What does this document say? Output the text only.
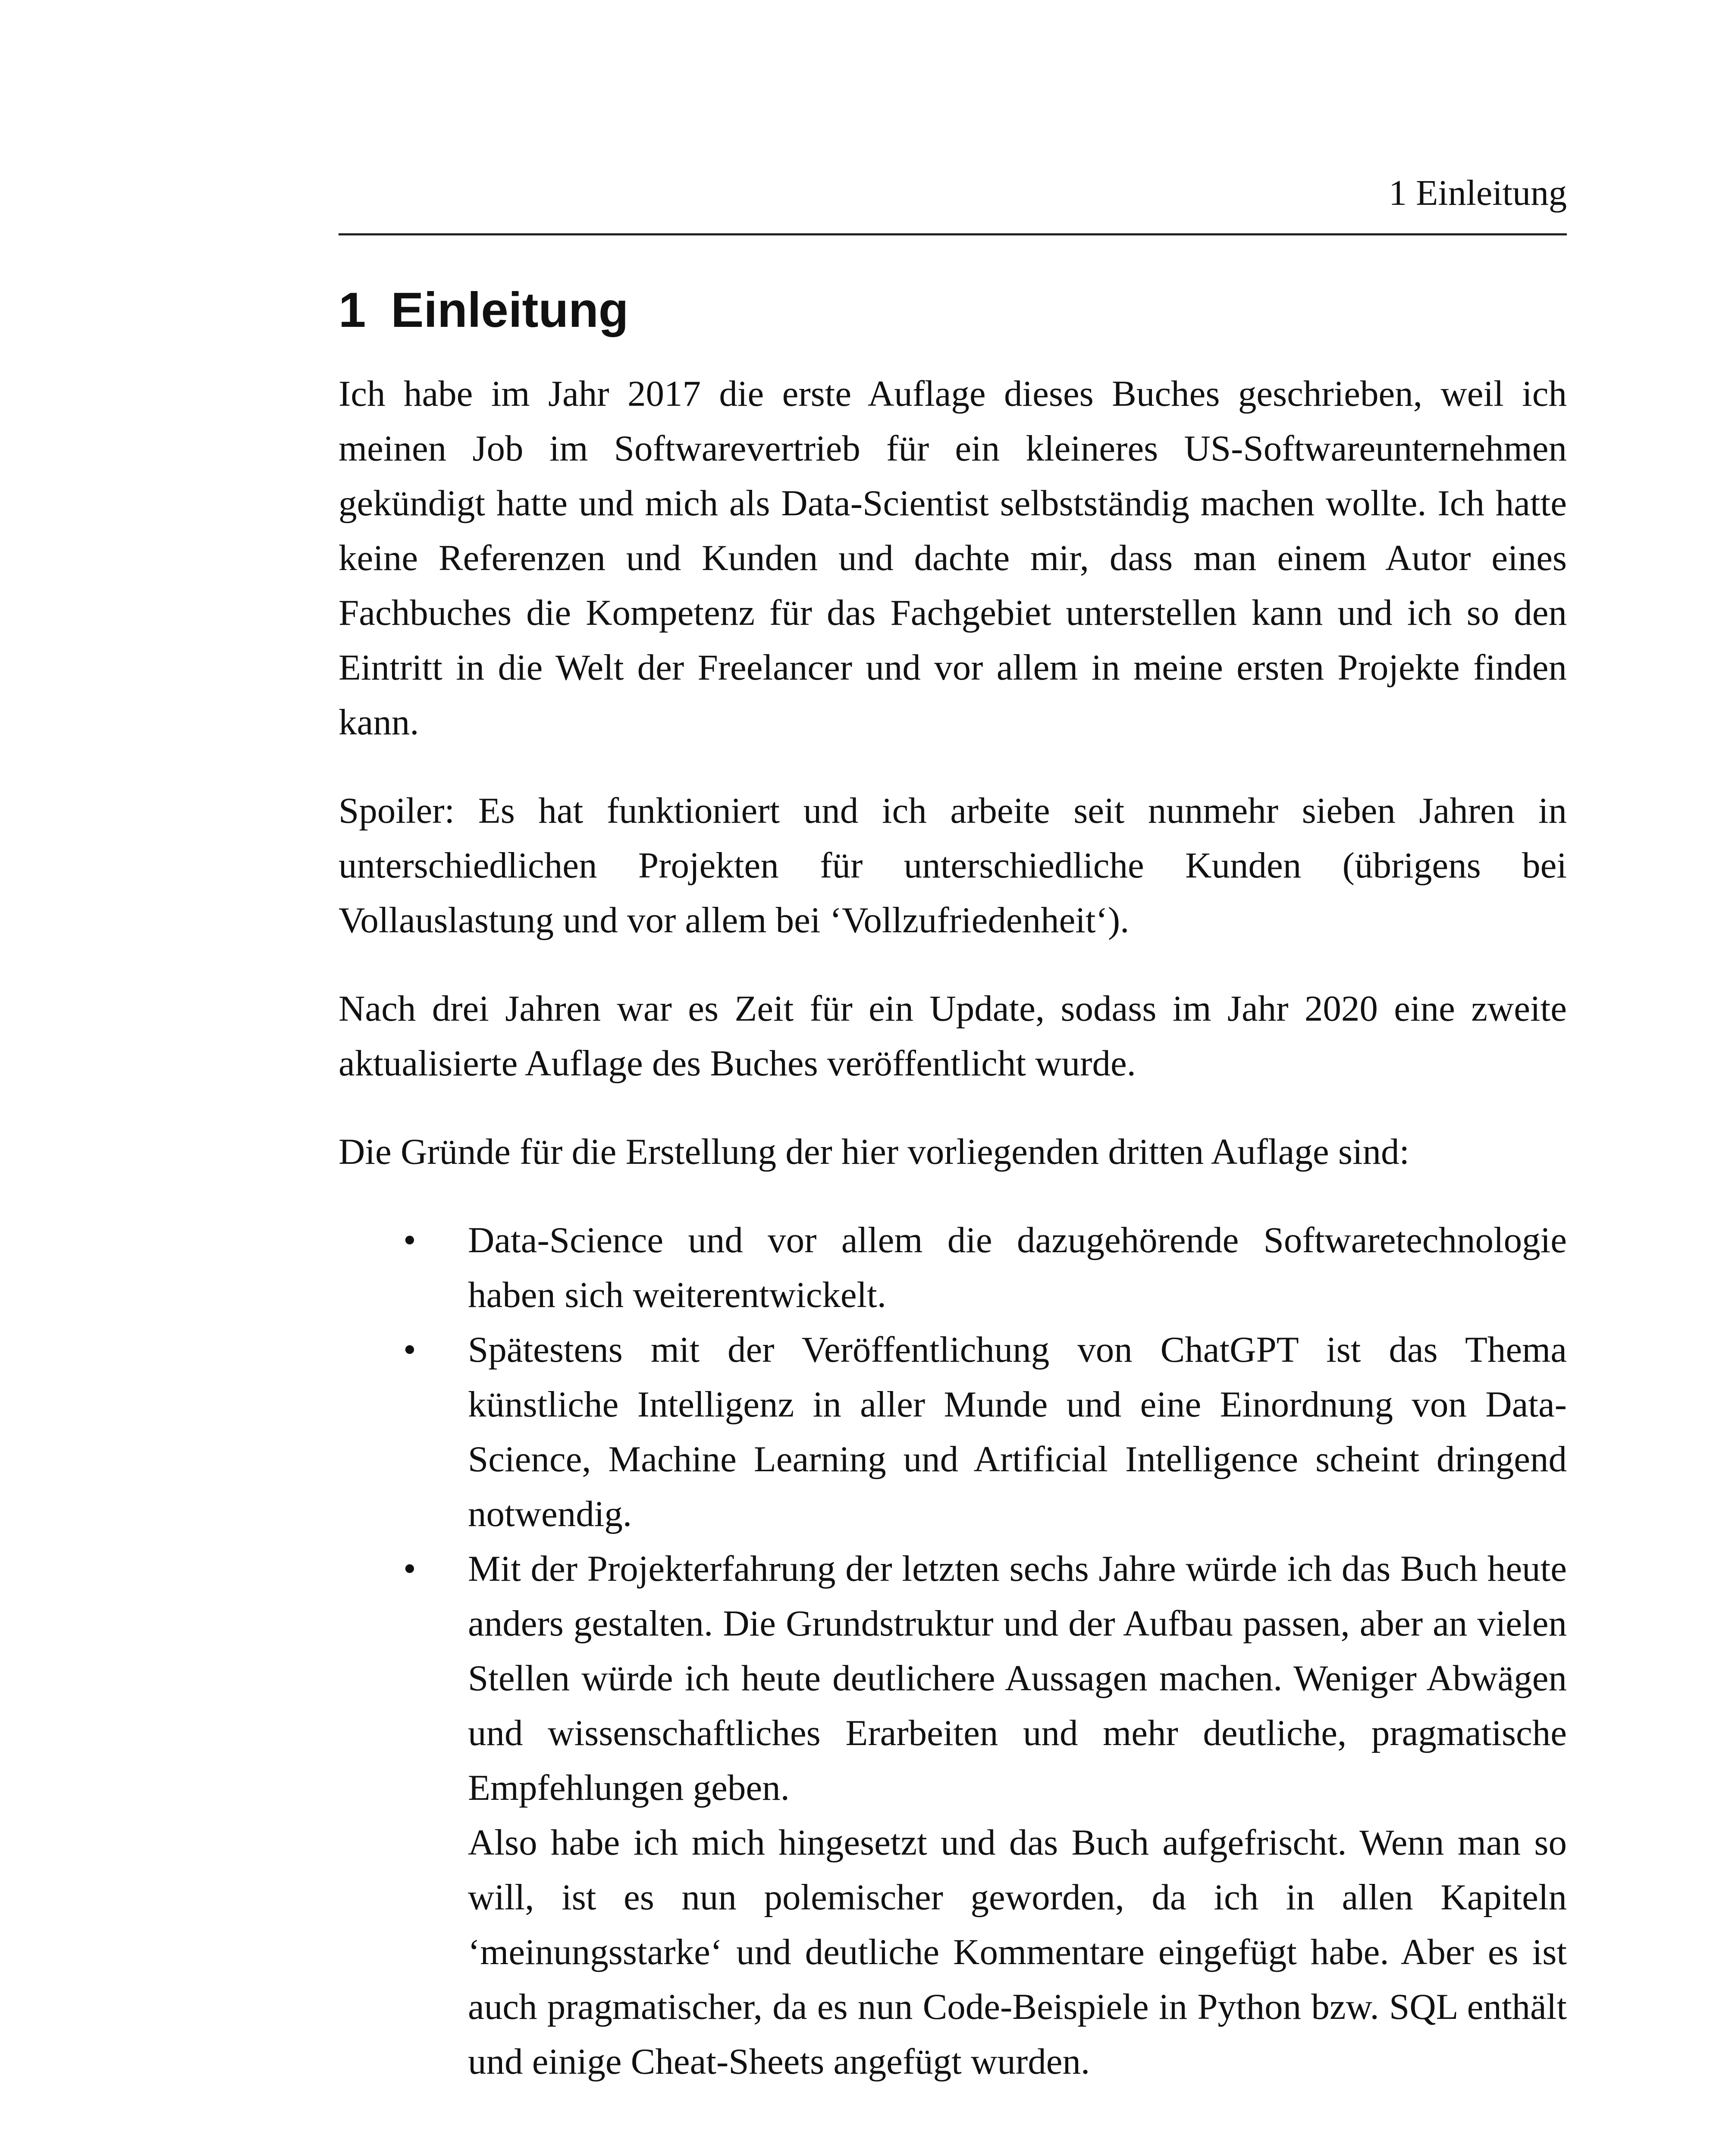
1 Einleitung
1 Einleitung

Ich habe im Jahr 2017 die erste Auflage dieses Buches geschrieben, weil ich meinen Job im Softwarevertrieb für ein kleineres US-Softwareunternehmen gekündigt hatte und mich als Data-Scientist selbstständig machen wollte. Ich hatte keine Referenzen und Kunden und dachte mir, dass man einem Autor eines Fachbuches die Kompetenz für das Fachgebiet unterstellen kann und ich so den Eintritt in die Welt der Freelancer und vor allem in meine ersten Projekte finden kann.

Spoiler: Es hat funktioniert und ich arbeite seit nunmehr sieben Jahren in unterschiedlichen Projekten für unterschiedliche Kunden (übrigens bei Vollauslastung und vor allem bei ‘Vollzufriedenheit‘).

Nach drei Jahren war es Zeit für ein Update, sodass im Jahr 2020 eine zweite aktualisierte Auflage des Buches veröffentlicht wurde.

Die Gründe für die Erstellung der hier vorliegenden dritten Auflage sind:

• Data-Science und vor allem die dazugehörende Softwaretechnologie haben sich weiterentwickelt.
• Spätestens mit der Veröffentlichung von ChatGPT ist das Thema künstliche Intelligenz in aller Munde und eine Einordnung von Data-Science, Machine Learning und Artificial Intelligence scheint dringend notwendig.
• Mit der Projekterfahrung der letzten sechs Jahre würde ich das Buch heute anders gestalten. Die Grundstruktur und der Aufbau passen, aber an vielen Stellen würde ich heute deutlichere Aussagen machen. Weniger Abwägen und wissenschaftliches Erarbeiten und mehr deutliche, pragmatische Empfehlungen geben.
Also habe ich mich hingesetzt und das Buch aufgefrischt. Wenn man so will, ist es nun polemischer geworden, da ich in allen Kapiteln ‘meinungsstarke‘ und deutliche Kommentare eingefügt habe. Aber es ist auch pragmatischer, da es nun Code-Beispiele in Python bzw. SQL enthält und einige Cheat-Sheets angefügt wurden.
